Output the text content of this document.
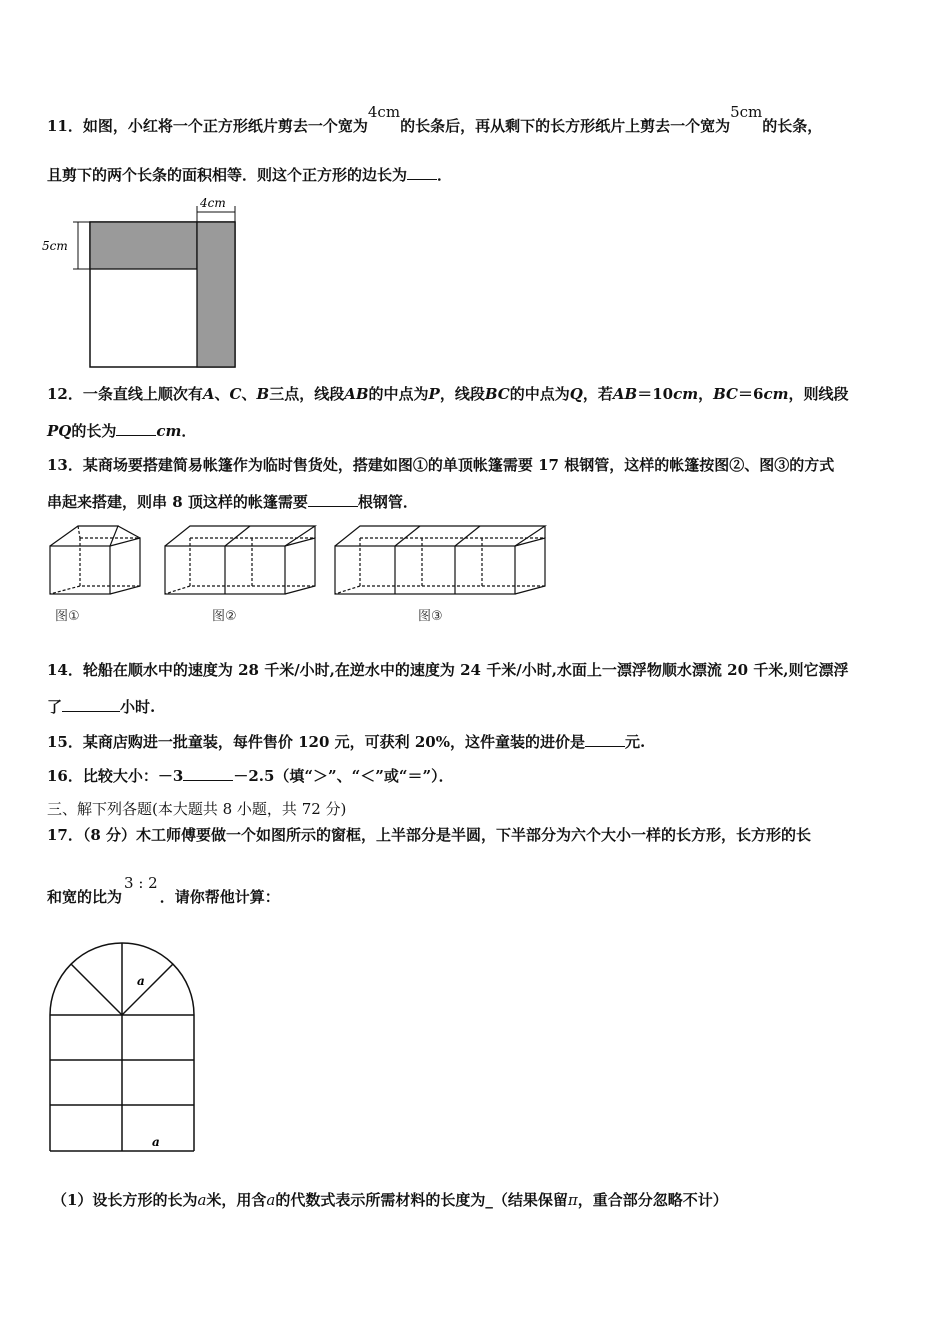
11．如图，小红将一个正方形纸片剪去一个宽为4cm的长条后，再从剩下的长方形纸片上剪去一个宽为5cm的长条，
且剪下的两个长条的面积相等．则这个正方形的边长为 ．
4cm
5cm
12．一条直线上顺次有A、C、B三点，线段AB的中点为P，线段BC的中点为Q，若AB＝10cm，BC＝6cm，则线段
PQ的长为	cm．
13．某商场要搭建简易帐篷作为临时售货处，搭建如图①的单顶帐篷需要 17 根钢管，这样的帐篷按图②、图③的方式
串起来搭建，则串 8 顶这样的帐篷需要	根钢管．
图①	图②	图③
14．轮船在顺水中的速度为 28 千米/小时,在逆水中的速度为 24 千米/小时,水面上一漂浮物顺水漂流 20 千米,则它漂浮
了	小时.
15．某商店购进一批童装，每件售价 120 元，可获利 20%，这件童装的进价是	元.
16．比较大小：－3	－2.5（填“＞”、“＜”或“＝”）．
三、解下列各题(本大题共 8 小题，共 72 分)
17．（8 分）木工师傅要做一个如图所示的窗框，上半部分是半圆，下半部分为六个大小一样的长方形，长方形的长
和宽的比为3 : 2．请你帮他计算：
a
a
（1）设长方形的长为a米，用含a的代数式表示所需材料的长度为_（结果保留π，重合部分忽略不计）
